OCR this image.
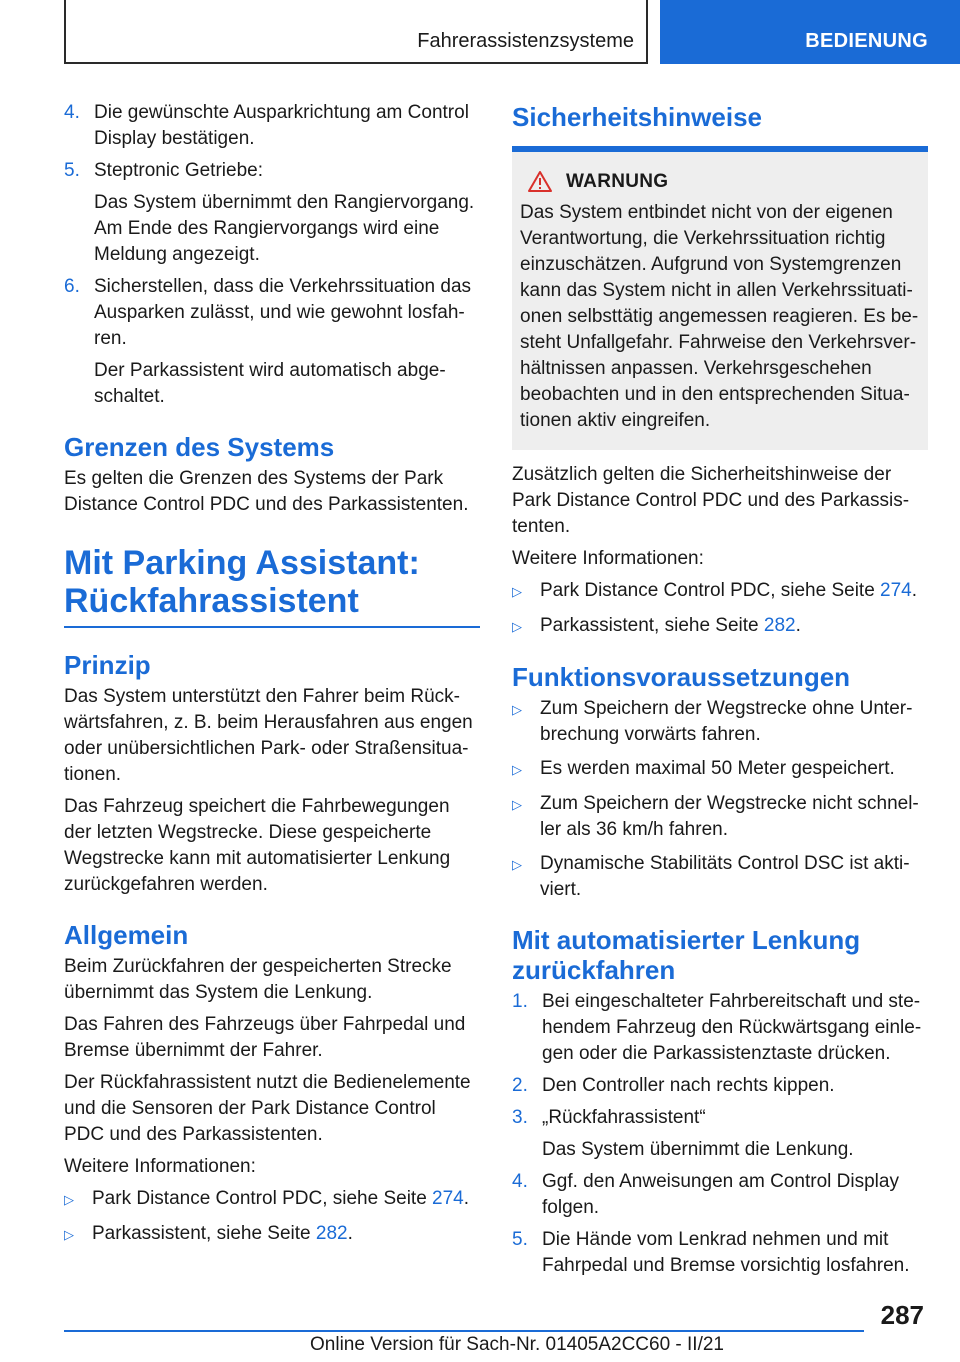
Fahrerassistenzsysteme	BEDIENUNG
4. Die gewünschte Ausparkrichtung am Control Display bestätigen.

5. Steptronic Getriebe:

Das System übernimmt den Rangiervorgang. Am Ende des Rangiervorgangs wird eine Meldung angezeigt.

6. Sicherstellen, dass die Verkehrssituation das Ausparken zulässt, und wie gewohnt losfah-ren.

Der Parkassistent wird automatisch abge-schaltet.

Grenzen des Systems

Es gelten die Grenzen des Systems der Park Distance Control PDC und des Parkassistenten.

Mit Parking Assistant:
Rückfahrassistent
Prinzip

Das System unterstützt den Fahrer beim Rück-wärtsfahren, z. B. beim Herausfahren aus engen oder unübersichtlichen Park- oder Straßensitua-tionen.

Das Fahrzeug speichert die Fahrbewegungen der letzten Wegstrecke. Diese gespeicherte Wegstrecke kann mit automatisierter Lenkung zurückgefahren werden.

Allgemein

Beim Zurückfahren der gespeicherten Strecke übernimmt das System die Lenkung.

Das Fahren des Fahrzeugs über Fahrpedal und Bremse übernimmt der Fahrer.

Der Rückfahrassistent nutzt die Bedienelemente und die Sensoren der Park Distance Control PDC und des Parkassistenten.

Weitere Informationen:

▷ Park Distance Control PDC, siehe Seite 274.
▷ Parkassistent, siehe Seite 282.
Sicherheitshinweise
WARNUNG

Das System entbindet nicht von der eigenen Verantwortung, die Verkehrssituation richtig einzuschätzen. Aufgrund von Systemgrenzen kann das System nicht in allen Verkehrssituati-onen selbsttätig angemessen reagieren. Es be-steht Unfallgefahr. Fahrweise den Verkehrsver-hältnissen anpassen. Verkehrsgeschehen beobachten und in den entsprechenden Situa-tionen aktiv eingreifen.

Zusätzlich gelten die Sicherheitshinweise der Park Distance Control PDC und des Parkassis-tenten.

Weitere Informationen:

▷ Park Distance Control PDC, siehe Seite 274.
▷ Parkassistent, siehe Seite 282.
Funktionsvoraussetzungen
▷ Zum Speichern der Wegstrecke ohne Unter-brechung vorwärts fahren.
▷ Es werden maximal 50 Meter gespeichert.
▷ Zum Speichern der Wegstrecke nicht schnel-ler als 36 km/h fahren.
▷ Dynamische Stabilitäts Control DSC ist akti-viert.
Mit automatisierter Lenkung
zurückfahren
1. Bei eingeschalteter Fahrbereitschaft und ste-hendem Fahrzeug den Rückwärtsgang einle-gen oder die Parkassistenztaste drücken.

2. Den Controller nach rechts kippen.

3. „Rückfahrassistent“

Das System übernimmt die Lenkung.

4. Ggf. den Anweisungen am Control Display folgen.

5. Die Hände vom Lenkrad nehmen und mit Fahrpedal und Bremse vorsichtig losfahren.

287
Online Version für Sach-Nr. 01405A2CC60 - II/21
